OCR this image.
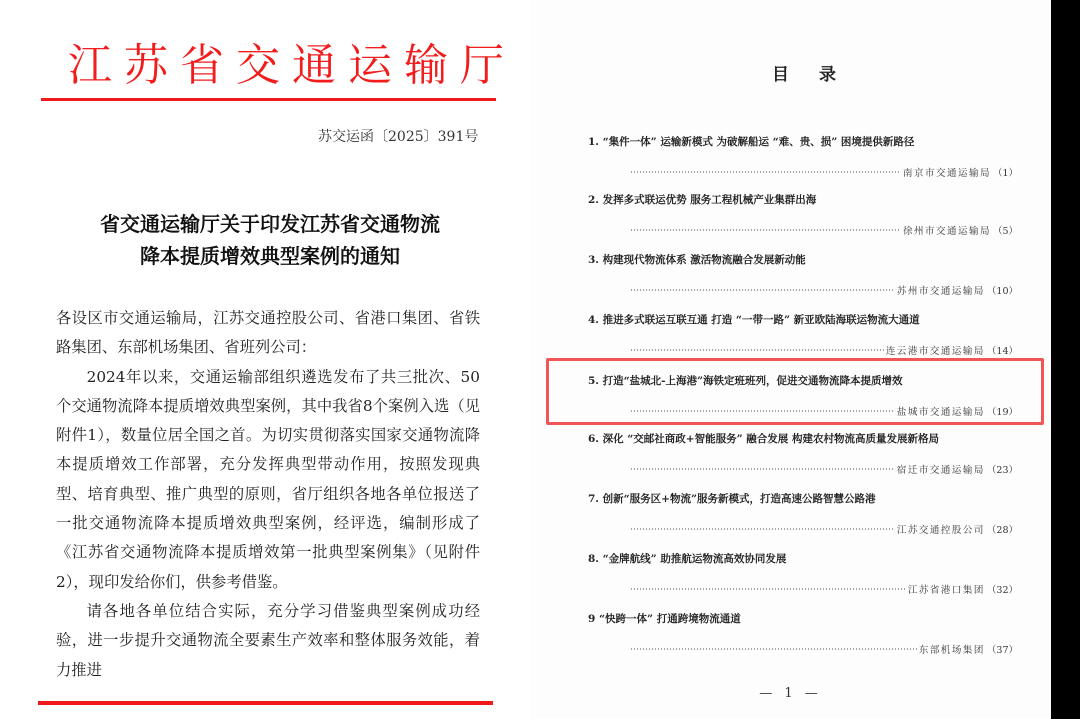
江苏省交通运输厅
苏交运函〔2025〕391号
省交通运输厅关于印发江苏省交通物流
降本提质增效典型案例的通知

各设区市交通运输局，江苏交通控股公司、省港口集团、省铁路集团、东部机场集团、省班列公司：

2024年以来，交通运输部组织遴选发布了共三批次、50个交通物流降本提质增效典型案例，其中我省8个案例入选（见附件1），数量位居全国之首。为切实贯彻落实国家交通物流降本提质增效工作部署，充分发挥典型带动作用，按照发现典型、培育典型、推广典型的原则，省厅组织各地各单位报送了一批交通物流降本提质增效典型案例，经评选，编制形成了《江苏省交通物流降本提质增效第一批典型案例集》（见附件2），现印发给你们，供参考借鉴。

请各地各单位结合实际，充分学习借鉴典型案例成功经验，进一步提升交通物流全要素生产效率和整体服务效能，着力推进

目 录
1. “集件一体” 运输新模式 为破解船运 “难、贵、损” 困境提供新路径
南京市交通运输局 （1）
2. 发挥多式联运优势 服务工程机械产业集群出海
徐州市交通运输局 （5）
3. 构建现代物流体系 激活物流融合发展新动能
苏州市交通运输局 （10）
4. 推进多式联运互联互通 打造 “一带一路” 新亚欧陆海联运物流大通道
连云港市交通运输局 （14）
5. 打造“盐城北-上海港”海铁定班班列，促进交通物流降本提质增效
盐城市交通运输局 （19）
6. 深化 “交邮社商政+智能服务” 融合发展 构建农村物流高质量发展新格局
宿迁市交通运输局 （23）
7. 创新“服务区+物流”服务新模式，打造高速公路智慧公路港
江苏交通控股公司 （28）
8. “金牌航线” 助推航运物流高效协同发展
江苏省港口集团 （32）
9 “快跨一体” 打通跨境物流通道
东部机场集团 （37）
— 1 —
